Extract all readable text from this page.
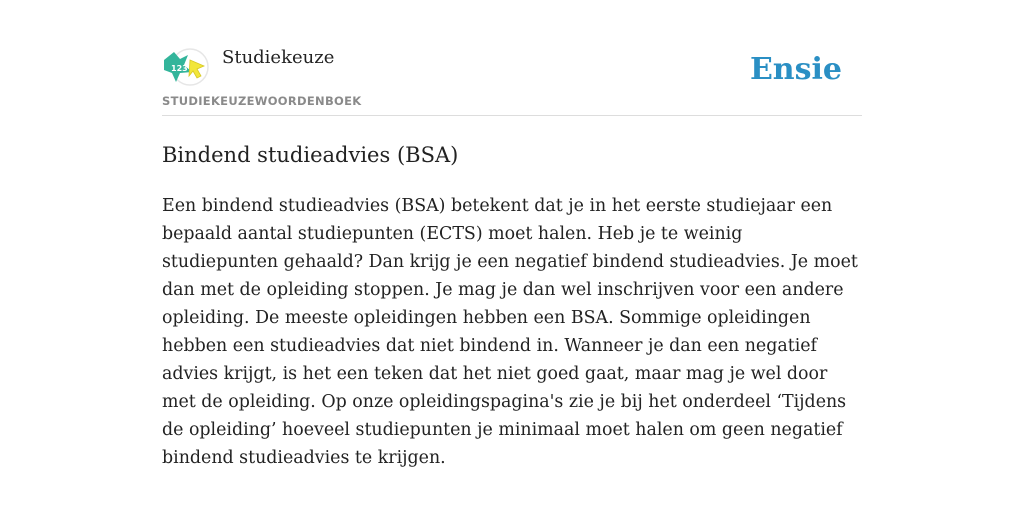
123
Studiekeuze
STUDIEKEUZEWOORDENBOEK
Ensie
Bindend studieadvies (BSA)

Een bindend studieadvies (BSA) betekent dat je in het eerste studiejaar een bepaald aantal studiepunten (ECTS) moet halen. Heb je te weinig studiepunten gehaald? Dan krijg je een negatief bindend studieadvies. Je moet dan met de opleiding stoppen. Je mag je dan wel inschrijven voor een andere opleiding. De meeste opleidingen hebben een BSA. Sommige opleidingen hebben een studieadvies dat niet bindend in. Wanneer je dan een negatief advies krijgt, is het een teken dat het niet goed gaat, maar mag je wel door met de opleiding. Op onze opleidingspagina's zie je bij het onderdeel ‘Tijdens de opleiding’ hoeveel studiepunten je minimaal moet halen om geen negatief bindend studieadvies te krijgen.
